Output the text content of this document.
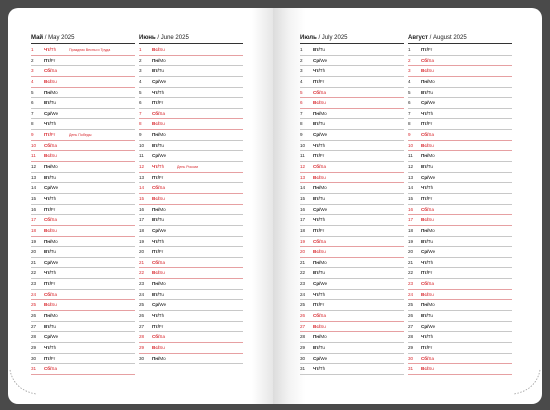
Май / May 2025
1	Чт/Th	Праздник Весны и Труда
2	Пт/Fr
3	Сб/Sa
4	Вс/Su
5	Пн/Mo
6	Вт/Tu
7	Ср/We
8	Чт/Th
9	Пт/Fr	День Победы
10	Сб/Sa
11	Вс/Su
12	Пн/Mo
13	Вт/Tu
14	Ср/We
15	Чт/Th
16	Пт/Fr
17	Сб/Sa
18	Вс/Su
19	Пн/Mo
20	Вт/Tu
21	Ср/We
22	Чт/Th
23	Пт/Fr
24	Сб/Sa
25	Вс/Su
26	Пн/Mo
27	Вт/Tu
28	Ср/We
29	Чт/Th
30	Пт/Fr
31	Сб/Sa
Июнь / June 2025
1	Вс/Su
2	Пн/Mo
3	Вт/Tu
4	Ср/We
5	Чт/Th
6	Пт/Fr
7	Сб/Sa
8	Вс/Su
9	Пн/Mo
10	Вт/Tu
11	Ср/We
12	Чт/Th	День России
13	Пт/Fr
14	Сб/Sa
15	Вс/Su
16	Пн/Mo
17	Вт/Tu
18	Ср/We
19	Чт/Th
20	Пт/Fr
21	Сб/Sa
22	Вс/Su
23	Пн/Mo
24	Вт/Tu
25	Ср/We
26	Чт/Th
27	Пт/Fr
28	Сб/Sa
29	Вс/Su
30	Пн/Mo
Июль / July 2025
1	Вт/Tu
2	Ср/We
3	Чт/Th
4	Пт/Fr
5	Сб/Sa
6	Вс/Su
7	Пн/Mo
8	Вт/Tu
9	Ср/We
10	Чт/Th
11	Пт/Fr
12	Сб/Sa
13	Вс/Su
14	Пн/Mo
15	Вт/Tu
16	Ср/We
17	Чт/Th
18	Пт/Fr
19	Сб/Sa
20	Вс/Su
21	Пн/Mo
22	Вт/Tu
23	Ср/We
24	Чт/Th
25	Пт/Fr
26	Сб/Sa
27	Вс/Su
28	Пн/Mo
29	Вт/Tu
30	Ср/We
31	Чт/Th
Август / August 2025
1	Пт/Fr
2	Сб/Sa
3	Вс/Su
4	Пн/Mo
5	Вт/Tu
6	Ср/We
7	Чт/Th
8	Пт/Fr
9	Сб/Sa
10	Вс/Su
11	Пн/Mo
12	Вт/Tu
13	Ср/We
14	Чт/Th
15	Пт/Fr
16	Сб/Sa
17	Вс/Su
18	Пн/Mo
19	Вт/Tu
20	Ср/We
21	Чт/Th
22	Пт/Fr
23	Сб/Sa
24	Вс/Su
25	Пн/Mo
26	Вт/Tu
27	Ср/We
28	Чт/Th
29	Пт/Fr
30	Сб/Sa
31	Вс/Su
